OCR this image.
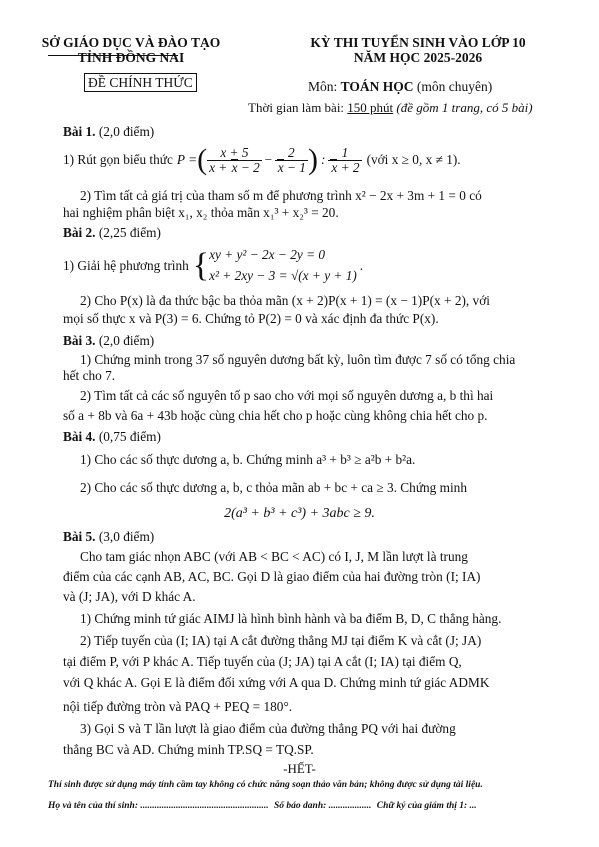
SỞ GIÁO DỤC VÀ ĐÀO TẠO
TỈNH ĐỒNG NAI
ĐỀ CHÍNH THỨC
KỲ THI TUYỂN SINH VÀO LỚP 10
NĂM HỌC 2025-2026
Môn: TOÁN HỌC (môn chuyên)
Thời gian làm bài: 150 phút (đề gồm 1 trang, có 5 bài)
Bài 1. (2,0 điểm)
1) Rút gọn biểu thức P = ( $\frac{x + 5}{x + x - 2} - \frac{2}{x - 1}$ ) : $\frac{1}{x + 2}$ (với x ≥ 0, x ≠ 1).
2) Tìm tất cả giá trị của tham số m để phương trình x² − 2x + 3m + 1 = 0 có
hai nghiệm phân biệt x₁, x₂ thỏa mãn x₁³ + x₂³ = 20.
Bài 2. (2,25 điểm)
1) Giải hệ phương trình { xy + y² − 2x − 2y = 0
x² + 2xy − 3 = √(x + y + 1)
.
2) Cho P(x) là đa thức bậc ba thỏa mãn (x + 2)P(x + 1) = (x − 1)P(x + 2), với
mọi số thực x và P(3) = 6. Chứng tỏ P(2) = 0 và xác định đa thức P(x).
Bài 3. (2,0 điểm)
1) Chứng minh trong 37 số nguyên dương bất kỳ, luôn tìm được 7 số có tổng chia
hết cho 7.
2) Tìm tất cả các số nguyên tố p sao cho với mọi số nguyên dương a, b thì hai
số a + 8b và 6a + 43b hoặc cùng chia hết cho p hoặc cùng không chia hết cho p.
Bài 4. (0,75 điểm)
1) Cho các số thực dương a, b. Chứng minh a³ + b³ ≥ a²b + b²a.
2) Cho các số thực dương a, b, c thỏa mãn ab + bc + ca ≥ 3. Chứng minh
2(a³ + b³ + c³) + 3abc ≥ 9.
Bài 5. (3,0 điểm)
Cho tam giác nhọn ABC (với AB < BC < AC) có I, J, M lần lượt là trung
điểm của các cạnh AB, AC, BC. Gọi D là giao điểm của hai đường tròn (I; IA)
và (J; JA), với D khác A.
1) Chứng minh tứ giác AIMJ là hình bình hành và ba điểm B, D, C thẳng hàng.
2) Tiếp tuyến của (I; IA) tại A cắt đường thẳng MJ tại điểm K và cắt (J; JA)
tại điểm P, với P khác A. Tiếp tuyến của (J; JA) tại A cắt (I; IA) tại điểm Q,
với Q khác A. Gọi E là điểm đối xứng với A qua D. Chứng minh tứ giác ADMK
nội tiếp đường tròn và PAQ + PEQ = 180°.
3) Gọi S và T lần lượt là giao điểm của đường thẳng PQ với hai đường
thẳng BC và AD. Chứng minh TP.SQ = TQ.SP.
-HẾT-
Thí sinh được sử dụng máy tính cầm tay không có chức năng soạn thảo văn bản; không được sử dụng tài liệu.
Họ và tên của thí sinh: ...................................................... Số báo danh: .................. Chữ ký của giám thị 1: ...
